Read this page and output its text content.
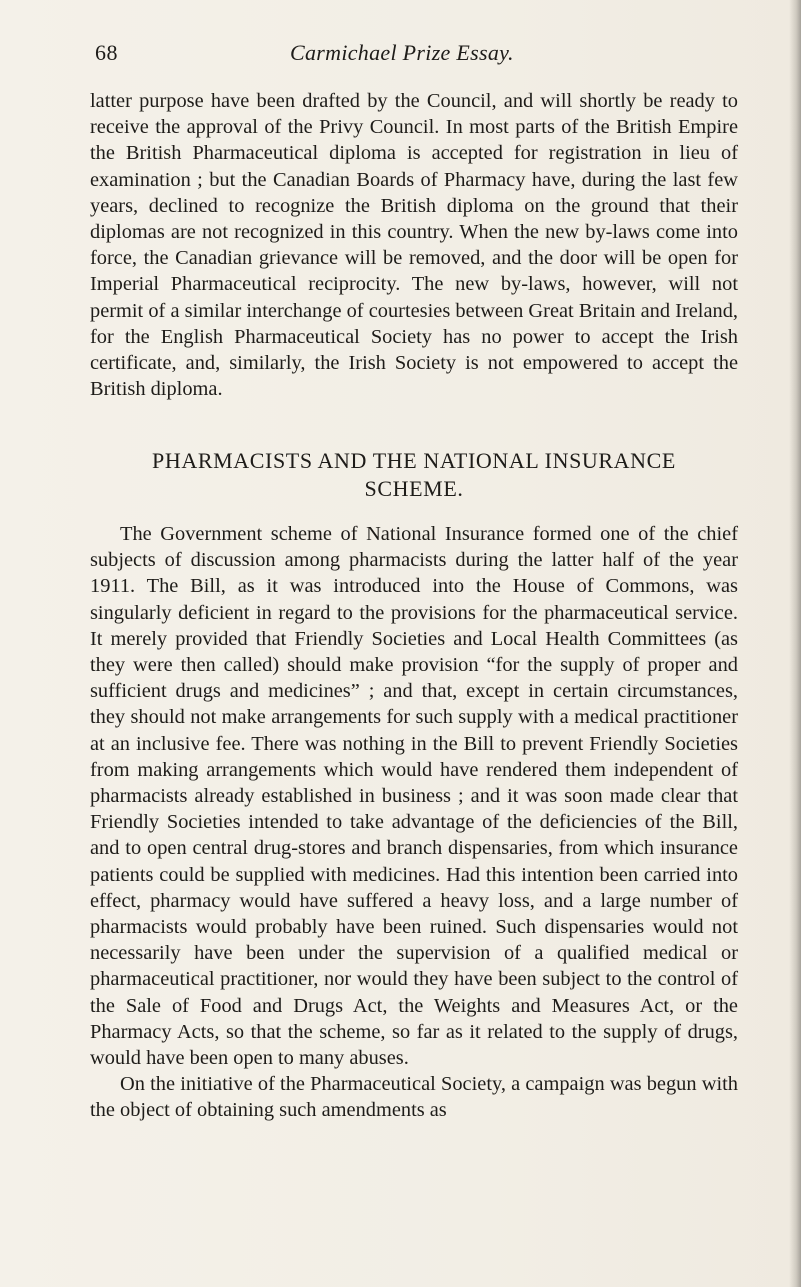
68	Carmichael Prize Essay.

latter purpose have been drafted by the Council, and will shortly be ready to receive the approval of the Privy Council. In most parts of the British Empire the British Pharmaceutical diploma is accepted for registration in lieu of examination ; but the Canadian Boards of Pharmacy have, during the last few years, declined to recognize the British diploma on the ground that their diplomas are not recognized in this country. When the new by-laws come into force, the Canadian grievance will be removed, and the door will be open for Imperial Pharmaceutical reciprocity. The new by-laws, however, will not permit of a similar interchange of courtesies between Great Britain and Ireland, for the English Pharmaceutical Society has no power to accept the Irish certificate, and, similarly, the Irish Society is not empowered to accept the British diploma.

PHARMACISTS AND THE NATIONAL INSURANCE
SCHEME.

The Government scheme of National Insurance formed one of the chief subjects of discussion among pharmacists during the latter half of the year 1911. The Bill, as it was introduced into the House of Commons, was singularly deficient in regard to the provisions for the pharmaceutical service. It merely provided that Friendly Societies and Local Health Committees (as they were then called) should make provision “for the supply of proper and sufficient drugs and medicines” ; and that, except in certain circumstances, they should not make arrangements for such supply with a medical practitioner at an inclusive fee. There was nothing in the Bill to prevent Friendly Societies from making arrangements which would have rendered them independent of pharmacists already established in business ; and it was soon made clear that Friendly Societies intended to take advantage of the deficiencies of the Bill, and to open central drug-stores and branch dispensaries, from which insurance patients could be supplied with medicines. Had this intention been carried into effect, pharmacy would have suffered a heavy loss, and a large number of pharmacists would probably have been ruined. Such dispensaries would not necessarily have been under the supervision of a qualified medical or pharmaceutical practitioner, nor would they have been subject to the control of the Sale of Food and Drugs Act, the Weights and Measures Act, or the Pharmacy Acts, so that the scheme, so far as it related to the supply of drugs, would have been open to many abuses.

On the initiative of the Pharmaceutical Society, a campaign was begun with the object of obtaining such amendments as
